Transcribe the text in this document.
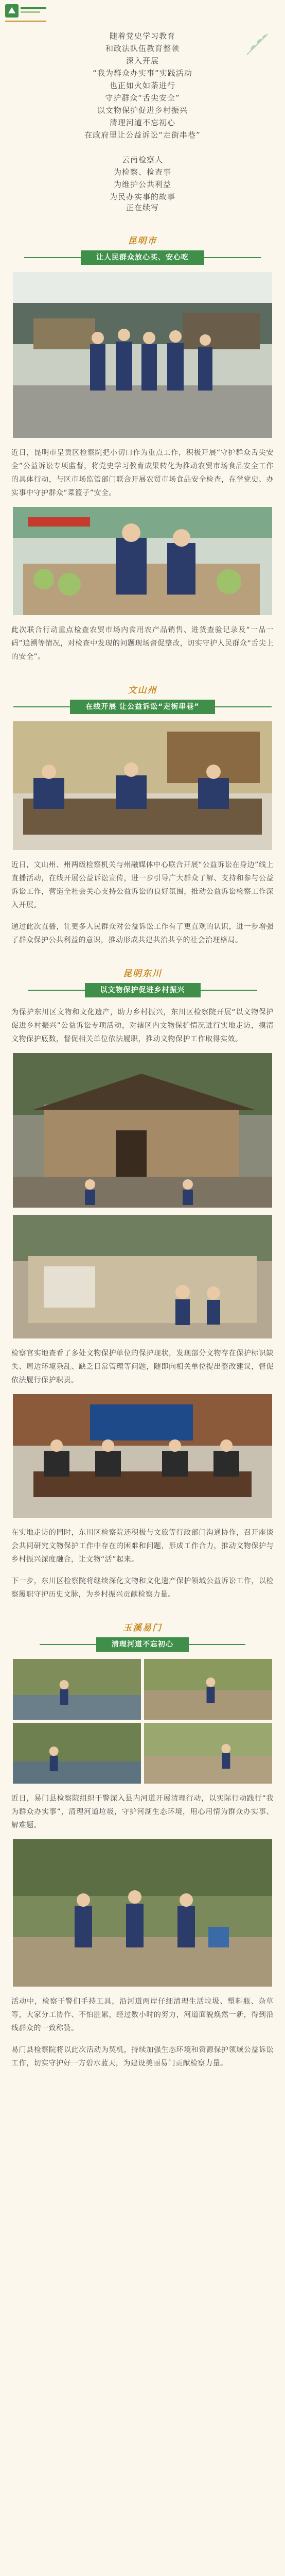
随着党史学习教育
和政法队伍教育整顿
深入开展
“我为群众办实事”实践活动
也正如火如荼进行
守护群众“舌尖安全”
以文物保护促进乡村振兴
清理河道不忘初心
在政府里让公益诉讼“走街串巷”
云南检察人
为检察、检查事
为维护公共利益
为民办实事的故事
正在续写
昆明市
让人民群众放心买、安心吃
近日，昆明市呈贡区检察院把小切口作为重点工作，积极开展“守护群众舌尖安全”公益诉讼专项监督，将党史学习教育成果转化为推动农贸市场食品安全工作的具体行动，与区市场监管部门联合开展农贸市场食品安全检查，在学党史、办实事中守护群众“菜篮子”安全。
此次联合行动重点检查农贸市场内食用农产品销售、进货查验记录及“一品一码”追溯等情况，对检查中发现的问题现场督促整改，切实守护人民群众“舌尖上的安全”。
文山州
在线开展 让公益诉讼“走街串巷”
近日，文山州、州两级检察机关与州融媒体中心联合开展“公益诉讼在身边”线上直播活动，在线开展公益诉讼宣传，进一步引导广大群众了解、支持和参与公益诉讼工作，营造全社会关心支持公益诉讼的良好氛围，推动公益诉讼检察工作深入开展。
通过此次直播，让更多人民群众对公益诉讼工作有了更直观的认识，进一步增强了群众保护公共利益的意识，推动形成共建共治共享的社会治理格局。
昆明东川
以文物保护促进乡村振兴
为保护东川区文物和文化遗产，助力乡村振兴，东川区检察院开展“以文物保护促进乡村振兴”公益诉讼专项活动，对辖区内文物保护情况进行实地走访，摸清文物保护底数，督促相关单位依法履职，推动文物保护工作取得实效。
检察官实地查看了多处文物保护单位的保护现状，发现部分文物存在保护标识缺失、周边环境杂乱、缺乏日常管理等问题，随即向相关单位提出整改建议，督促依法履行保护职责。
在实地走访的同时，东川区检察院还积极与文旅等行政部门沟通协作，召开座谈会共同研究文物保护工作中存在的困难和问题，形成工作合力，推动文物保护与乡村振兴深度融合，让文物“活”起来。
下一步，东川区检察院将继续深化文物和文化遗产保护领域公益诉讼工作，以检察履职守护历史文脉，为乡村振兴贡献检察力量。
玉溪易门
清理河道不忘初心
近日，易门县检察院组织干警深入县内河道开展清理行动，以实际行动践行“我为群众办实事”，清理河道垃圾，守护河湖生态环境，用心用情为群众办实事、解难题。
活动中，检察干警们手持工具，沿河道两岸仔细清理生活垃圾、塑料瓶、杂草等，大家分工协作、不怕脏累，经过数小时的努力，河道面貌焕然一新，得到沿线群众的一致称赞。
易门县检察院将以此次活动为契机，持续加强生态环境和资源保护领域公益诉讼工作，切实守护好一方碧水蓝天，为建设美丽易门贡献检察力量。
